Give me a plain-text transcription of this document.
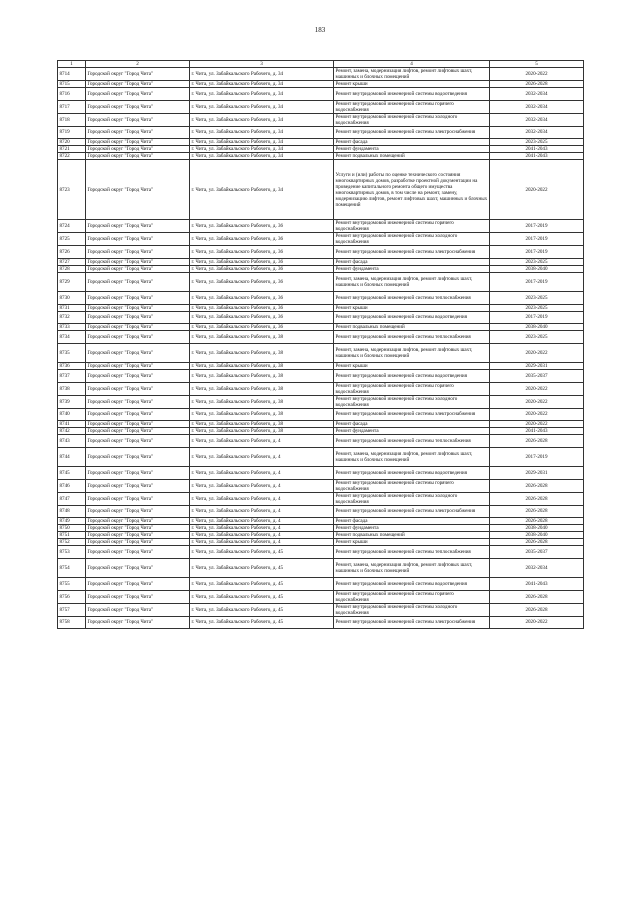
183
1	2	3	4	5
8714	Городской округ "Город Чита"	г. Чита, ул. Забайкальского Рабочего, д. 34	Ремонт, замена, модернизация лифтов, ремонт лифтовых шахт, машинных и блочных помещений	2020-2022
8715	Городской округ "Город Чита"	г. Чита, ул. Забайкальского Рабочего, д. 34	Ремонт крыши	2026-2028
8716	Городской округ "Город Чита"	г. Чита, ул. Забайкальского Рабочего, д. 34	Ремонт внутридомовой инженерной системы водоотведения	2032-2034
8717	Городской округ "Город Чита"	г. Чита, ул. Забайкальского Рабочего, д. 34	Ремонт внутридомовой инженерной системы горячего водоснабжения	2032-2034
8718	Городской округ "Город Чита"	г. Чита, ул. Забайкальского Рабочего, д. 34	Ремонт внутридомовой инженерной системы холодного водоснабжения	2032-2034
8719	Городской округ "Город Чита"	г. Чита, ул. Забайкальского Рабочего, д. 34	Ремонт внутридомовой инженерной системы электроснабжения	2032-2034
8720	Городской округ "Город Чита"	г. Чита, ул. Забайкальского Рабочего, д. 34	Ремонт фасада	2023-2025
8721	Городской округ "Город Чита"	г. Чита, ул. Забайкальского Рабочего, д. 34	Ремонт фундамента	2041-2043
8722	Городской округ "Город Чита"	г. Чита, ул. Забайкальского Рабочего, д. 34	Ремонт подвальных помещений	2041-2043
8723	Городской округ "Город Чита"	г. Чита, ул. Забайкальского Рабочего, д. 34	Услуги и (или) работы по оценке технического состояния многоквартирных домов, разработке проектной документации на проведение капитального ремонта общего имущества многоквартирных домов, в том числе на ремонт, замену, модернизацию лифтов, ремонт лифтовых шахт, машинных и блочных помещений	2020-2022
8724	Городской округ "Город Чита"	г. Чита, ул. Забайкальского Рабочего, д. 36	Ремонт внутридомовой инженерной системы горячего водоснабжения	2017-2019
8725	Городской округ "Город Чита"	г. Чита, ул. Забайкальского Рабочего, д. 36	Ремонт внутридомовой инженерной системы холодного водоснабжения	2017-2019
8726	Городской округ "Город Чита"	г. Чита, ул. Забайкальского Рабочего, д. 36	Ремонт внутридомовой инженерной системы электроснабжения	2017-2019
8727	Городской округ "Город Чита"	г. Чита, ул. Забайкальского Рабочего, д. 36	Ремонт фасада	2023-2025
8728	Городской округ "Город Чита"	г. Чита, ул. Забайкальского Рабочего, д. 36	Ремонт фундамента	2038-2040
8729	Городской округ "Город Чита"	г. Чита, ул. Забайкальского Рабочего, д. 36	Ремонт, замена, модернизация лифтов, ремонт лифтовых шахт, машинных и блочных помещений	2017-2019
8730	Городской округ "Город Чита"	г. Чита, ул. Забайкальского Рабочего, д. 36	Ремонт внутридомовой инженерной системы теплоснабжения	2023-2025
8731	Городской округ "Город Чита"	г. Чита, ул. Забайкальского Рабочего, д. 36	Ремонт крыши	2023-2025
8732	Городской округ "Город Чита"	г. Чита, ул. Забайкальского Рабочего, д. 36	Ремонт внутридомовой инженерной системы водоотведения	2017-2019
8733	Городской округ "Город Чита"	г. Чита, ул. Забайкальского Рабочего, д. 36	Ремонт подвальных помещений	2038-2040
8734	Городской округ "Город Чита"	г. Чита, ул. Забайкальского Рабочего, д. 38	Ремонт внутридомовой инженерной системы теплоснабжения	2023-2025
8735	Городской округ "Город Чита"	г. Чита, ул. Забайкальского Рабочего, д. 38	Ремонт, замена, модернизация лифтов, ремонт лифтовых шахт, машинных и блочных помещений	2020-2022
8736	Городской округ "Город Чита"	г. Чита, ул. Забайкальского Рабочего, д. 38	Ремонт крыши	2029-2031
8737	Городской округ "Город Чита"	г. Чита, ул. Забайкальского Рабочего, д. 38	Ремонт внутридомовой инженерной системы водоотведения	2035-2037
8738	Городской округ "Город Чита"	г. Чита, ул. Забайкальского Рабочего, д. 38	Ремонт внутридомовой инженерной системы горячего водоснабжения	2020-2022
8739	Городской округ "Город Чита"	г. Чита, ул. Забайкальского Рабочего, д. 38	Ремонт внутридомовой инженерной системы холодного водоснабжения	2020-2022
8740	Городской округ "Город Чита"	г. Чита, ул. Забайкальского Рабочего, д. 38	Ремонт внутридомовой инженерной системы электроснабжения	2020-2022
8741	Городской округ "Город Чита"	г. Чита, ул. Забайкальского Рабочего, д. 38	Ремонт фасада	2020-2022
8742	Городской округ "Город Чита"	г. Чита, ул. Забайкальского Рабочего, д. 38	Ремонт фундамента	2041-2043
8743	Городской округ "Город Чита"	г. Чита, ул. Забайкальского Рабочего, д. 4	Ремонт внутридомовой инженерной системы теплоснабжения	2026-2028
8744	Городской округ "Город Чита"	г. Чита, ул. Забайкальского Рабочего, д. 4	Ремонт, замена, модернизация лифтов, ремонт лифтовых шахт, машинных и блочных помещений	2017-2019
8745	Городской округ "Город Чита"	г. Чита, ул. Забайкальского Рабочего, д. 4	Ремонт внутридомовой инженерной системы водоотведения	2029-2031
8746	Городской округ "Город Чита"	г. Чита, ул. Забайкальского Рабочего, д. 4	Ремонт внутридомовой инженерной системы горячего водоснабжения	2026-2028
8747	Городской округ "Город Чита"	г. Чита, ул. Забайкальского Рабочего, д. 4	Ремонт внутридомовой инженерной системы холодного водоснабжения	2026-2028
8748	Городской округ "Город Чита"	г. Чита, ул. Забайкальского Рабочего, д. 4	Ремонт внутридомовой инженерной системы электроснабжения	2026-2028
8749	Городской округ "Город Чита"	г. Чита, ул. Забайкальского Рабочего, д. 4	Ремонт фасада	2026-2028
8750	Городской округ "Город Чита"	г. Чита, ул. Забайкальского Рабочего, д. 4	Ремонт фундамента	2038-2040
8751	Городской округ "Город Чита"	г. Чита, ул. Забайкальского Рабочего, д. 4	Ремонт подвальных помещений	2038-2040
8752	Городской округ "Город Чита"	г. Чита, ул. Забайкальского Рабочего, д. 4	Ремонт крыши	2026-2028
8753	Городской округ "Город Чита"	г. Чита, ул. Забайкальского Рабочего, д. 45	Ремонт внутридомовой инженерной системы теплоснабжения	2035-2037
8754	Городской округ "Город Чита"	г. Чита, ул. Забайкальского Рабочего, д. 45	Ремонт, замена, модернизация лифтов, ремонт лифтовых шахт, машинных и блочных помещений	2032-2034
8755	Городской округ "Город Чита"	г. Чита, ул. Забайкальского Рабочего, д. 45	Ремонт внутридомовой инженерной системы водоотведения	2041-2043
8756	Городской округ "Город Чита"	г. Чита, ул. Забайкальского Рабочего, д. 45	Ремонт внутридомовой инженерной системы горячего водоснабжения	2026-2028
8757	Городской округ "Город Чита"	г. Чита, ул. Забайкальского Рабочего, д. 45	Ремонт внутридомовой инженерной системы холодного водоснабжения	2026-2028
8758	Городской округ "Город Чита"	г. Чита, ул. Забайкальского Рабочего, д. 45	Ремонт внутридомовой инженерной системы электроснабжения	2020-2022
